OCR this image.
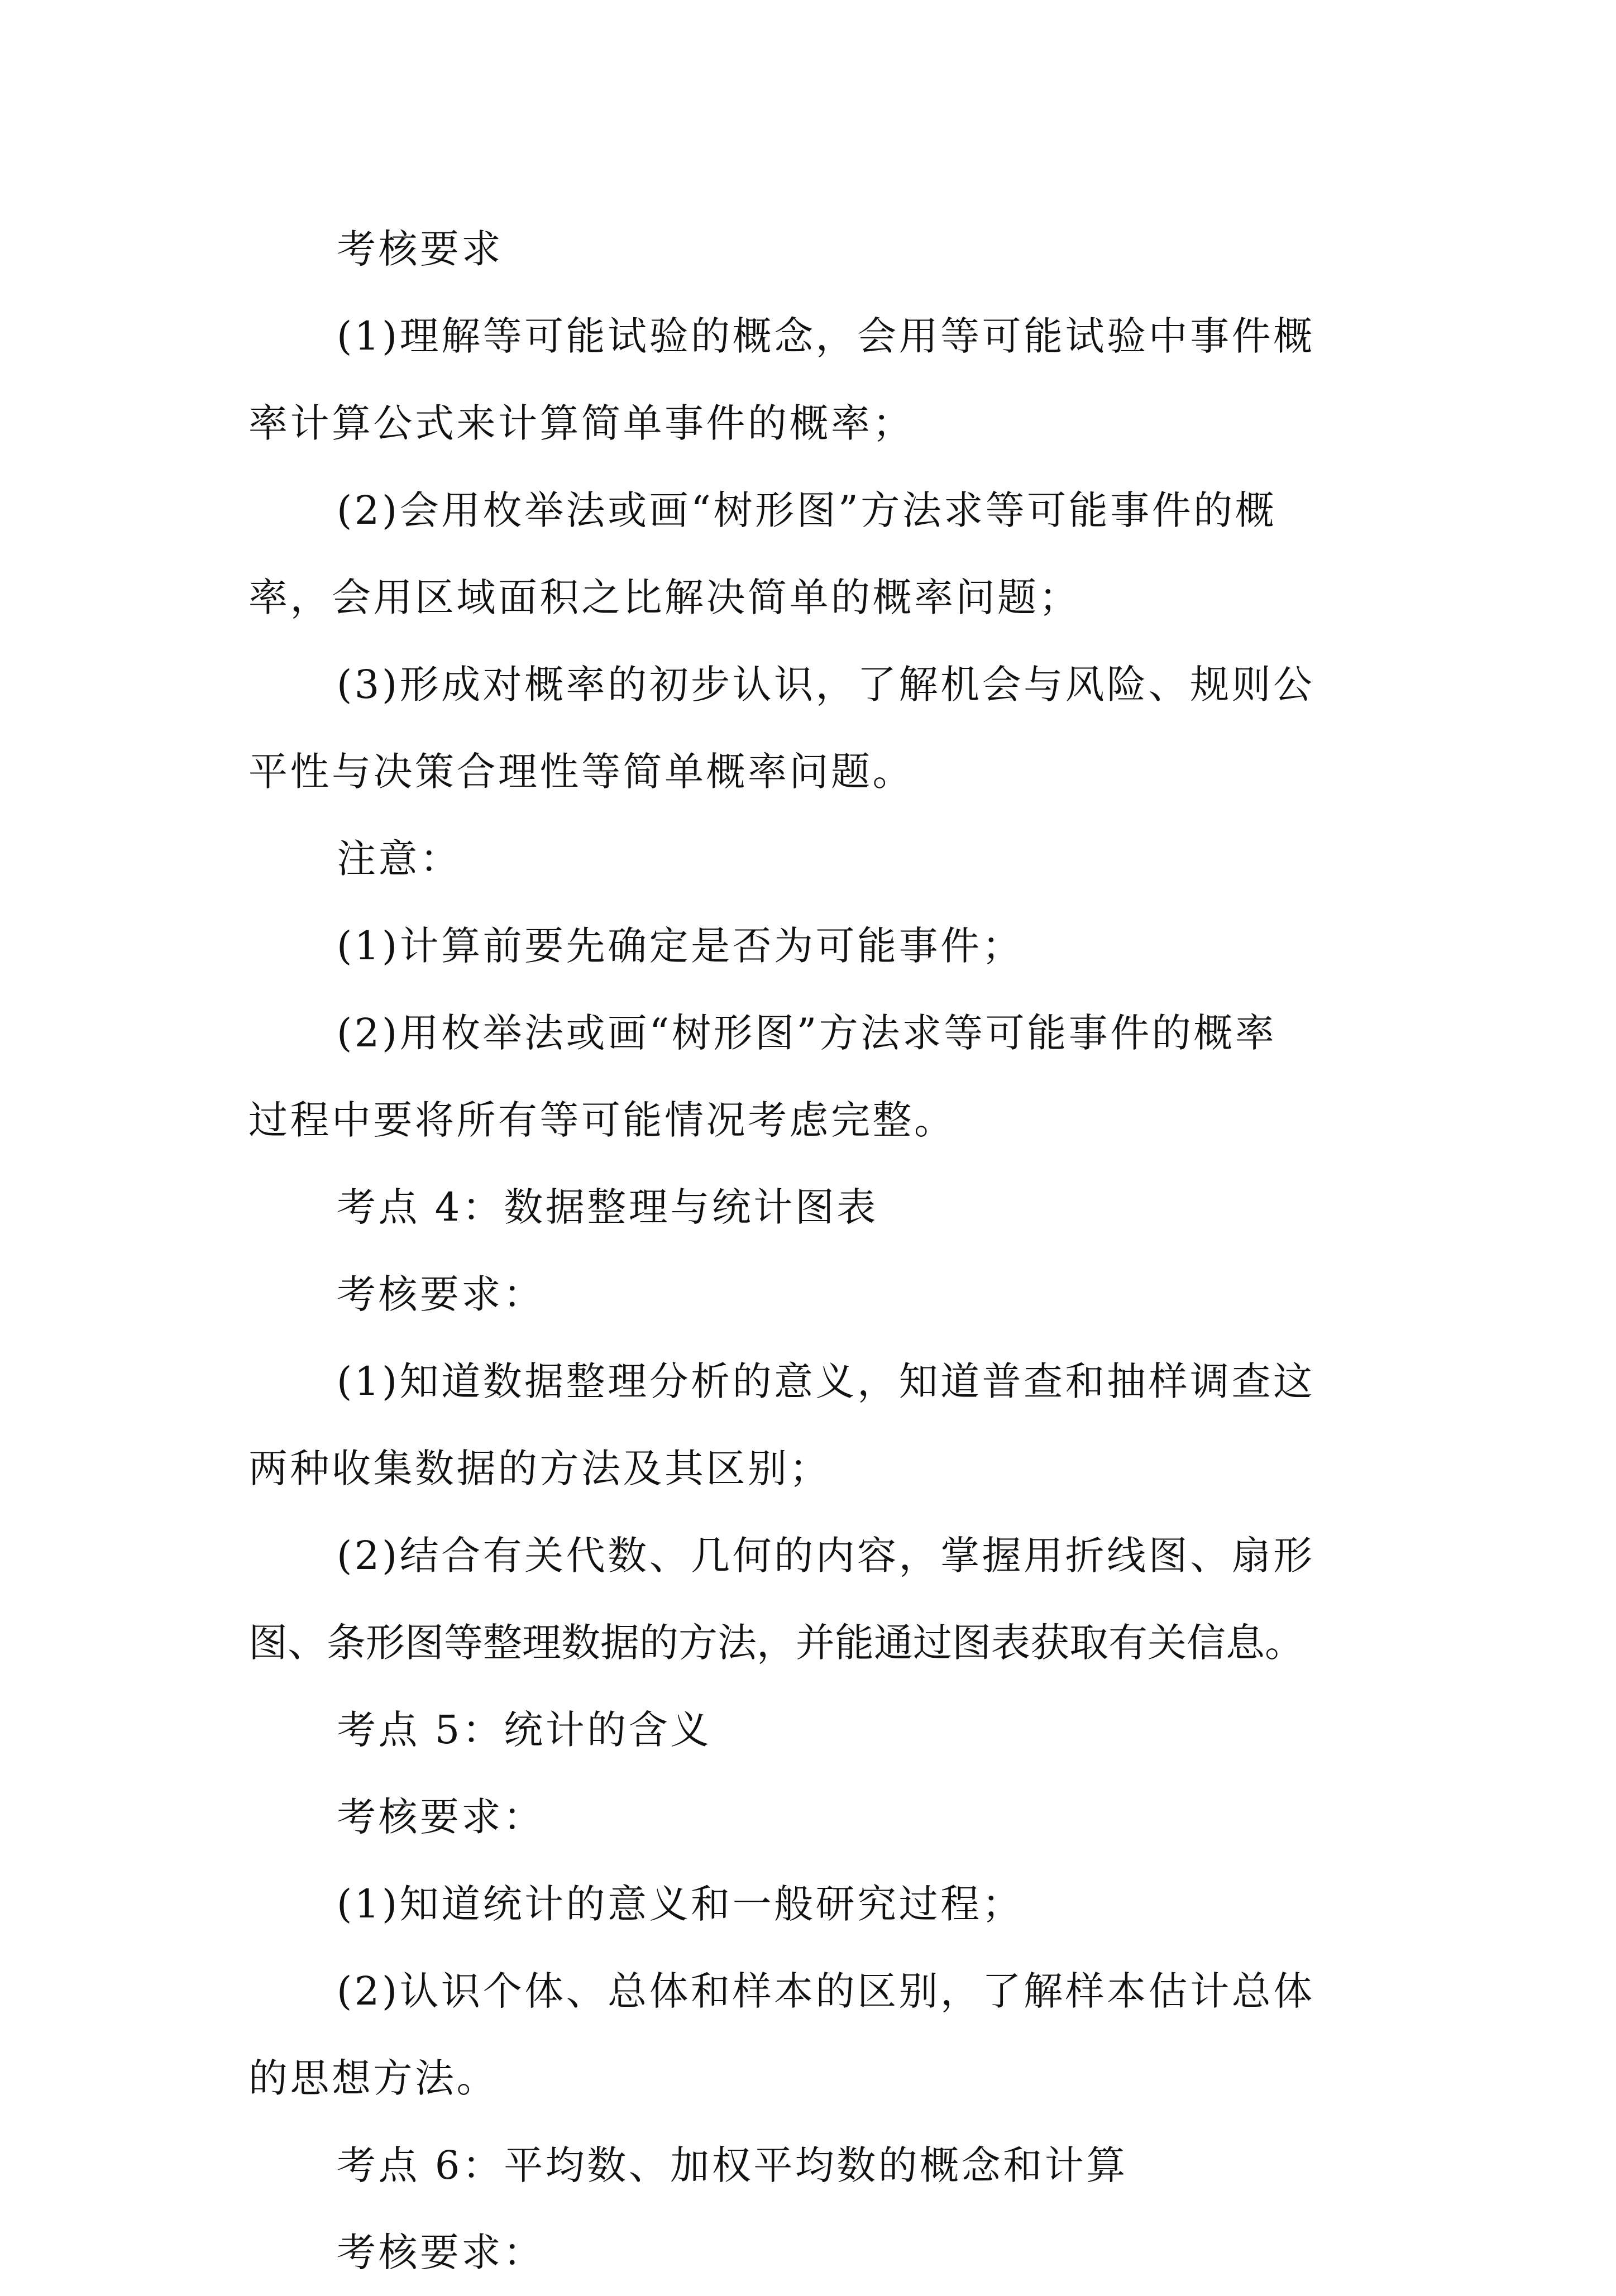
考核要求
(1)理解等可能试验的概念，会用等可能试验中事件概
率计算公式来计算简单事件的概率；
(2)会用枚举法或画“树形图”方法求等可能事件的概
率，会用区域面积之比解决简单的概率问题；
(3)形成对概率的初步认识，了解机会与风险、规则公
平性与决策合理性等简单概率问题。
注意：
(1)计算前要先确定是否为可能事件；
(2)用枚举法或画“树形图”方法求等可能事件的概率
过程中要将所有等可能情况考虑完整。
考点 4：数据整理与统计图表
考核要求：
(1)知道数据整理分析的意义，知道普查和抽样调查这
两种收集数据的方法及其区别；
(2)结合有关代数、几何的内容，掌握用折线图、扇形
图、条形图等整理数据的方法，并能通过图表获取有关信息。
考点 5：统计的含义
考核要求：
(1)知道统计的意义和一般研究过程；
(2)认识个体、总体和样本的区别，了解样本估计总体
的思想方法。
考点 6：平均数、加权平均数的概念和计算
考核要求：
